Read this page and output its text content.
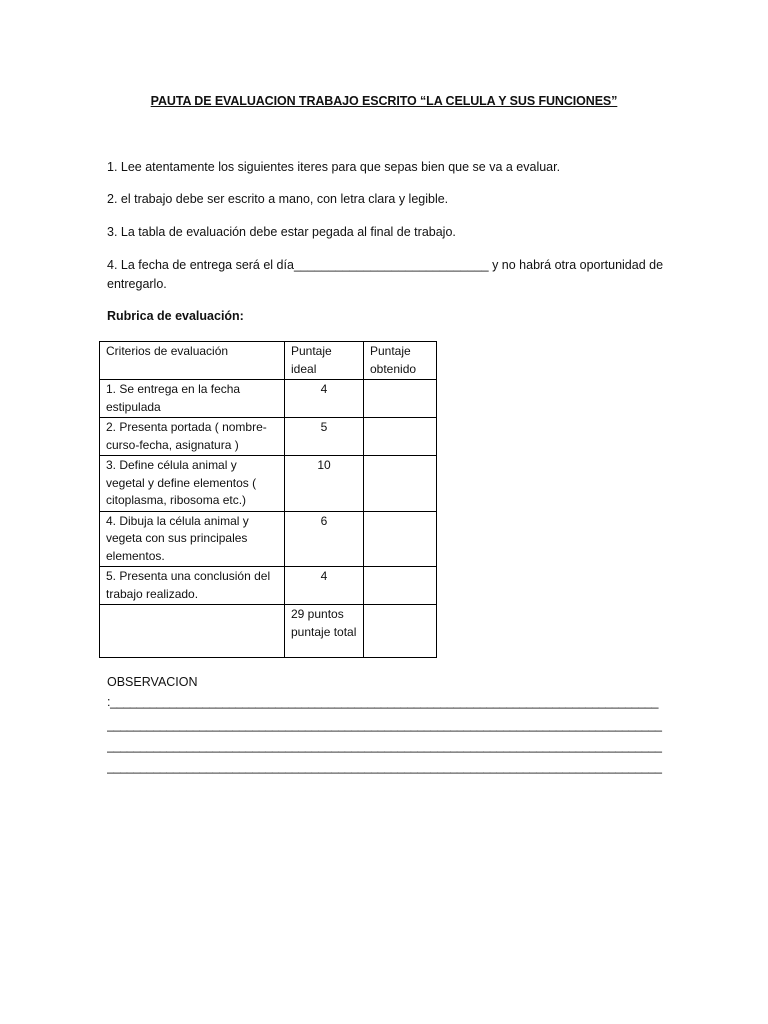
PAUTA DE EVALUACION TRABAJO ESCRITO “LA CELULA Y SUS FUNCIONES”
1. Lee atentamente los siguientes iteres para que sepas bien que se va a evaluar.
2. el trabajo debe ser escrito a mano, con letra clara y legible.
3. La tabla de evaluación debe estar pegada al final de trabajo.
4. La fecha de entrega será el día____________________________ y no habrá otra oportunidad de entregarlo.
Rubrica de evaluación:
Criterios de evaluación	Puntaje ideal	Puntaje obtenido
1. Se entrega en la fecha estipulada	4	
2. Presenta portada ( nombre-curso-fecha, asignatura )	5	
3. Define célula animal y vegetal y define elementos ( citoplasma, ribosoma etc.)	10	
4. Dibuja la célula animal y vegeta con sus principales elementos.	6	
5. Presenta una conclusión del trabajo realizado.	4	
	29 puntos puntaje total	
OBSERVACION
:___________________________________________________________________________________
____________________________________________________________________________________
____________________________________________________________________________________
____________________________________________________________________________________
